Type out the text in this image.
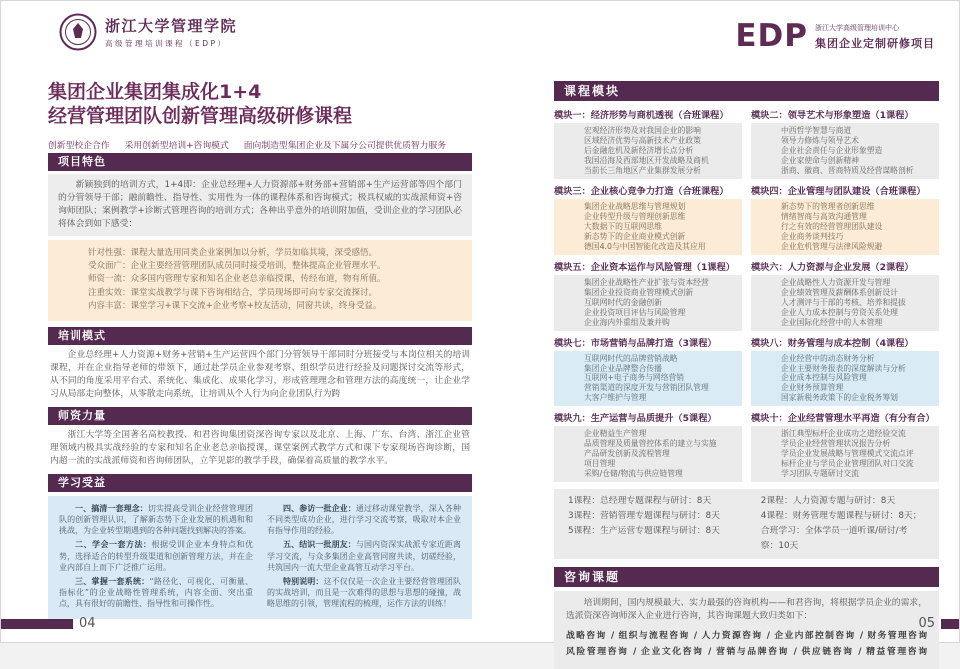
浙江大学管理学院
高级管理培训课程（EDP）	EDP 浙江大学高级管理培训中心
集团企业定制研修项目
集团企业集团集成化1+4
经营管理团队创新管理高级研修课程
创新型校企合作 采用创新型培训+咨询模式 面向制造型集团企业及下属分公司提供优质智力服务
项目特色

新颖独到的培训方式，1+4即：企业总经理+人力资源部+财务部+营销部+生产运营部等四个部门的分管领导干部；融前瞻性、指导性、实用性为一体的课程体系和咨询模式；极具权威的实战派师资+咨询师团队；案例教学+诊断式管理咨询的培训方式；各种出乎意外的培训附加值，受训企业的学习团队必将体会到如下感受：

针对性强：课程大量选用同类企业案例加以分析，学员如临其境，深受感悟。
受众面广：企业主要经营管理团队成员同时接受培训，整体提高企业管理水平。
师资一流：众多国内管理专家和知名企业老总亲临授课，传经布道，物有所值。
注重实效：课堂实战教学与课下咨询相结合，学员现场即可向专家交流探讨。
内容丰富：课堂学习+课下交流+企业考察+校友活动，同窗共读，终身受益。
培训模式

企业总经理+人力资源+财务+营销+生产运营四个部门分管领导干部同时分班接受与本岗位相关的培训课程，并在企业指导老师的带领下，通过赴学员企业参观考察、组织学员进行经验及问题探讨交流等形式，从不同的角度采用平台式、系统化、集成化、成果化学习，形成管理理念和管理方法的高度统一，让企业学习从局部走向整体，从零散走向系统，让培训从个人行为向企业团队行为跨

师资力量

浙江大学等全国著名高校教授、和君咨询集团资深咨询专家以及北京、上海、广东、台湾、浙江企业管理领域内极具实战经验的专家和知名企业老总亲临授课，课堂案例式教学方式和课下专家现场咨询诊断，国内超一流的实战派师资和咨询师团队，立竿见影的教学手段，确保着高质量的教学水平。

学习受益

一、搞清一套理念：切实提高受训企业经营管理团队的创新管理认识，了解新态势下企业发展的机遇和和挑战，为企业转型期遇到的各种问题找到解决的答案。

二、学会一套方法：根据受训企业本身特点和优势，选择适合的转型升级渠道和创新管理方法，并在企业内部自上而下广泛推广运用。

三、掌握一套系统：“路径化、可视化、可衡量、指标化”的企业战略性管理系统，内容全面、突出重点，具有很好的前瞻性、指导性和可操作性。

四、参访一批企业：通过移动课堂教学，深入各种不同类型成功企业，进行学习交流考察，吸取对本企业有指导作用的经验。

五、结识一批朋友：与国内资深实战派专家近距离学习交流，与众多集团企业高管同窗共读，切磋经验，共筑国内一流大型企业高管互动学习平台。

特别说明：这不仅仅是一次企业主要经营管理团队的实战培训，而且是一次难得的思想与思想的碰撞，战略思维的引领，管理流程的梳理，运作方法的训练！

课程模块
模块一：经济形势与商机透视（合班课程）
宏观经济形势及对我国企业的影响
区域经济优势与高新技术产业政策
后金融危机及新经济增长点分析
我国沿海及西部地区开发战略及商机
当前长三角地区产业集群发展分析
模块二：领导艺术与形象塑造（1课程）
中西哲学智慧与商道
领导力修炼与领导艺术
企业社会责任与企业形象塑造
企业家使命与创新精神
浙商、徽商、晋商特质及经营谋略剖析
模块三：企业核心竞争力打造（合班课程）
集团企业战略思维与管理规划
企业转型升级与管理创新思维
大数据下的互联网思维
新态势下的企业商业模式创新
德国4.0与中国智能化改造及其应用
模块四：企业管理与团队建设（合班课程）
新态势下的管理者创新思维
情绪智商与高效沟通管理
行之有效的经营管理团队建设
企业商务谈判技巧
企业危机管理与法律风险规避
模块五：企业资本运作与风险管理（1课程）
集团企业战略性产业扩张与资本经营
集团企业投资商业管理模式创新
互联网时代的金融创新
企业投资项目评估与风险管理
企业海内外重组及兼并购
模块六：人力资源与企业发展（2课程）
企业战略性人力资源开发与管理
企业绩效管理及薪酬体系创新设计
人才测评与干部的考核、培养和提拔
企业人力成本控制与劳资关系处理
企业国际化经营中的人本管理
模块七：市场营销与品牌打造（3课程）
互联网时代的品牌营销战略
集团企业品牌整合传播
互联网+电子商务与网络营销
营销渠道的深度开发与营销团队管理
大客户维护与管理
模块八：财务管理与成本控制（4课程）
企业经营中的动态财务分析
企业主要财务报表的深度解读与分析
企业成本控制与风险管理
企业财务预算管理
国家新税务政策下的企业税务筹划
模块九：生产运营与品质提升（5课程）
企业精益生产管理
品质管理及质量管控体系的建立与实施
产品研发创新及流程管理
项目管理
采购/仓储/物流与供应链管理
模块十：企业经营管理水平再造（有分有合）
浙江典型标杆企业成功之道经验交流
学员企业经营管理状况报告分析
学员企业发展战略与管理模式交流点评
标杆企业与学员企业管理团队对口交流
学习团队专题研讨交流
1课程：总经理专题课程与研讨：8天	2课程：人力资源专题与研讨：8天
3课程：营销管理专题课程与研讨：8天	4课程：财务管理专题课程与研讨：8天；
5课程：生产运营专题课程与研讨：8天	合班学习：全体学员一道听课/研讨/考察：10天
咨询课题

培训期间，国内规模最大、实力最强的咨询机构——和君咨询，将根据学员企业的需求，选派资深咨询师深入企业进行咨询，其咨询课题大致归类如下：

战略咨询 / 组织与流程咨询 / 人力资源咨询 / 企业内部控制咨询 / 财务管理咨询
风险管理咨询 / 企业文化咨询 / 营销与品牌咨询 / 供应链咨询 / 精益管理咨询
04	05
